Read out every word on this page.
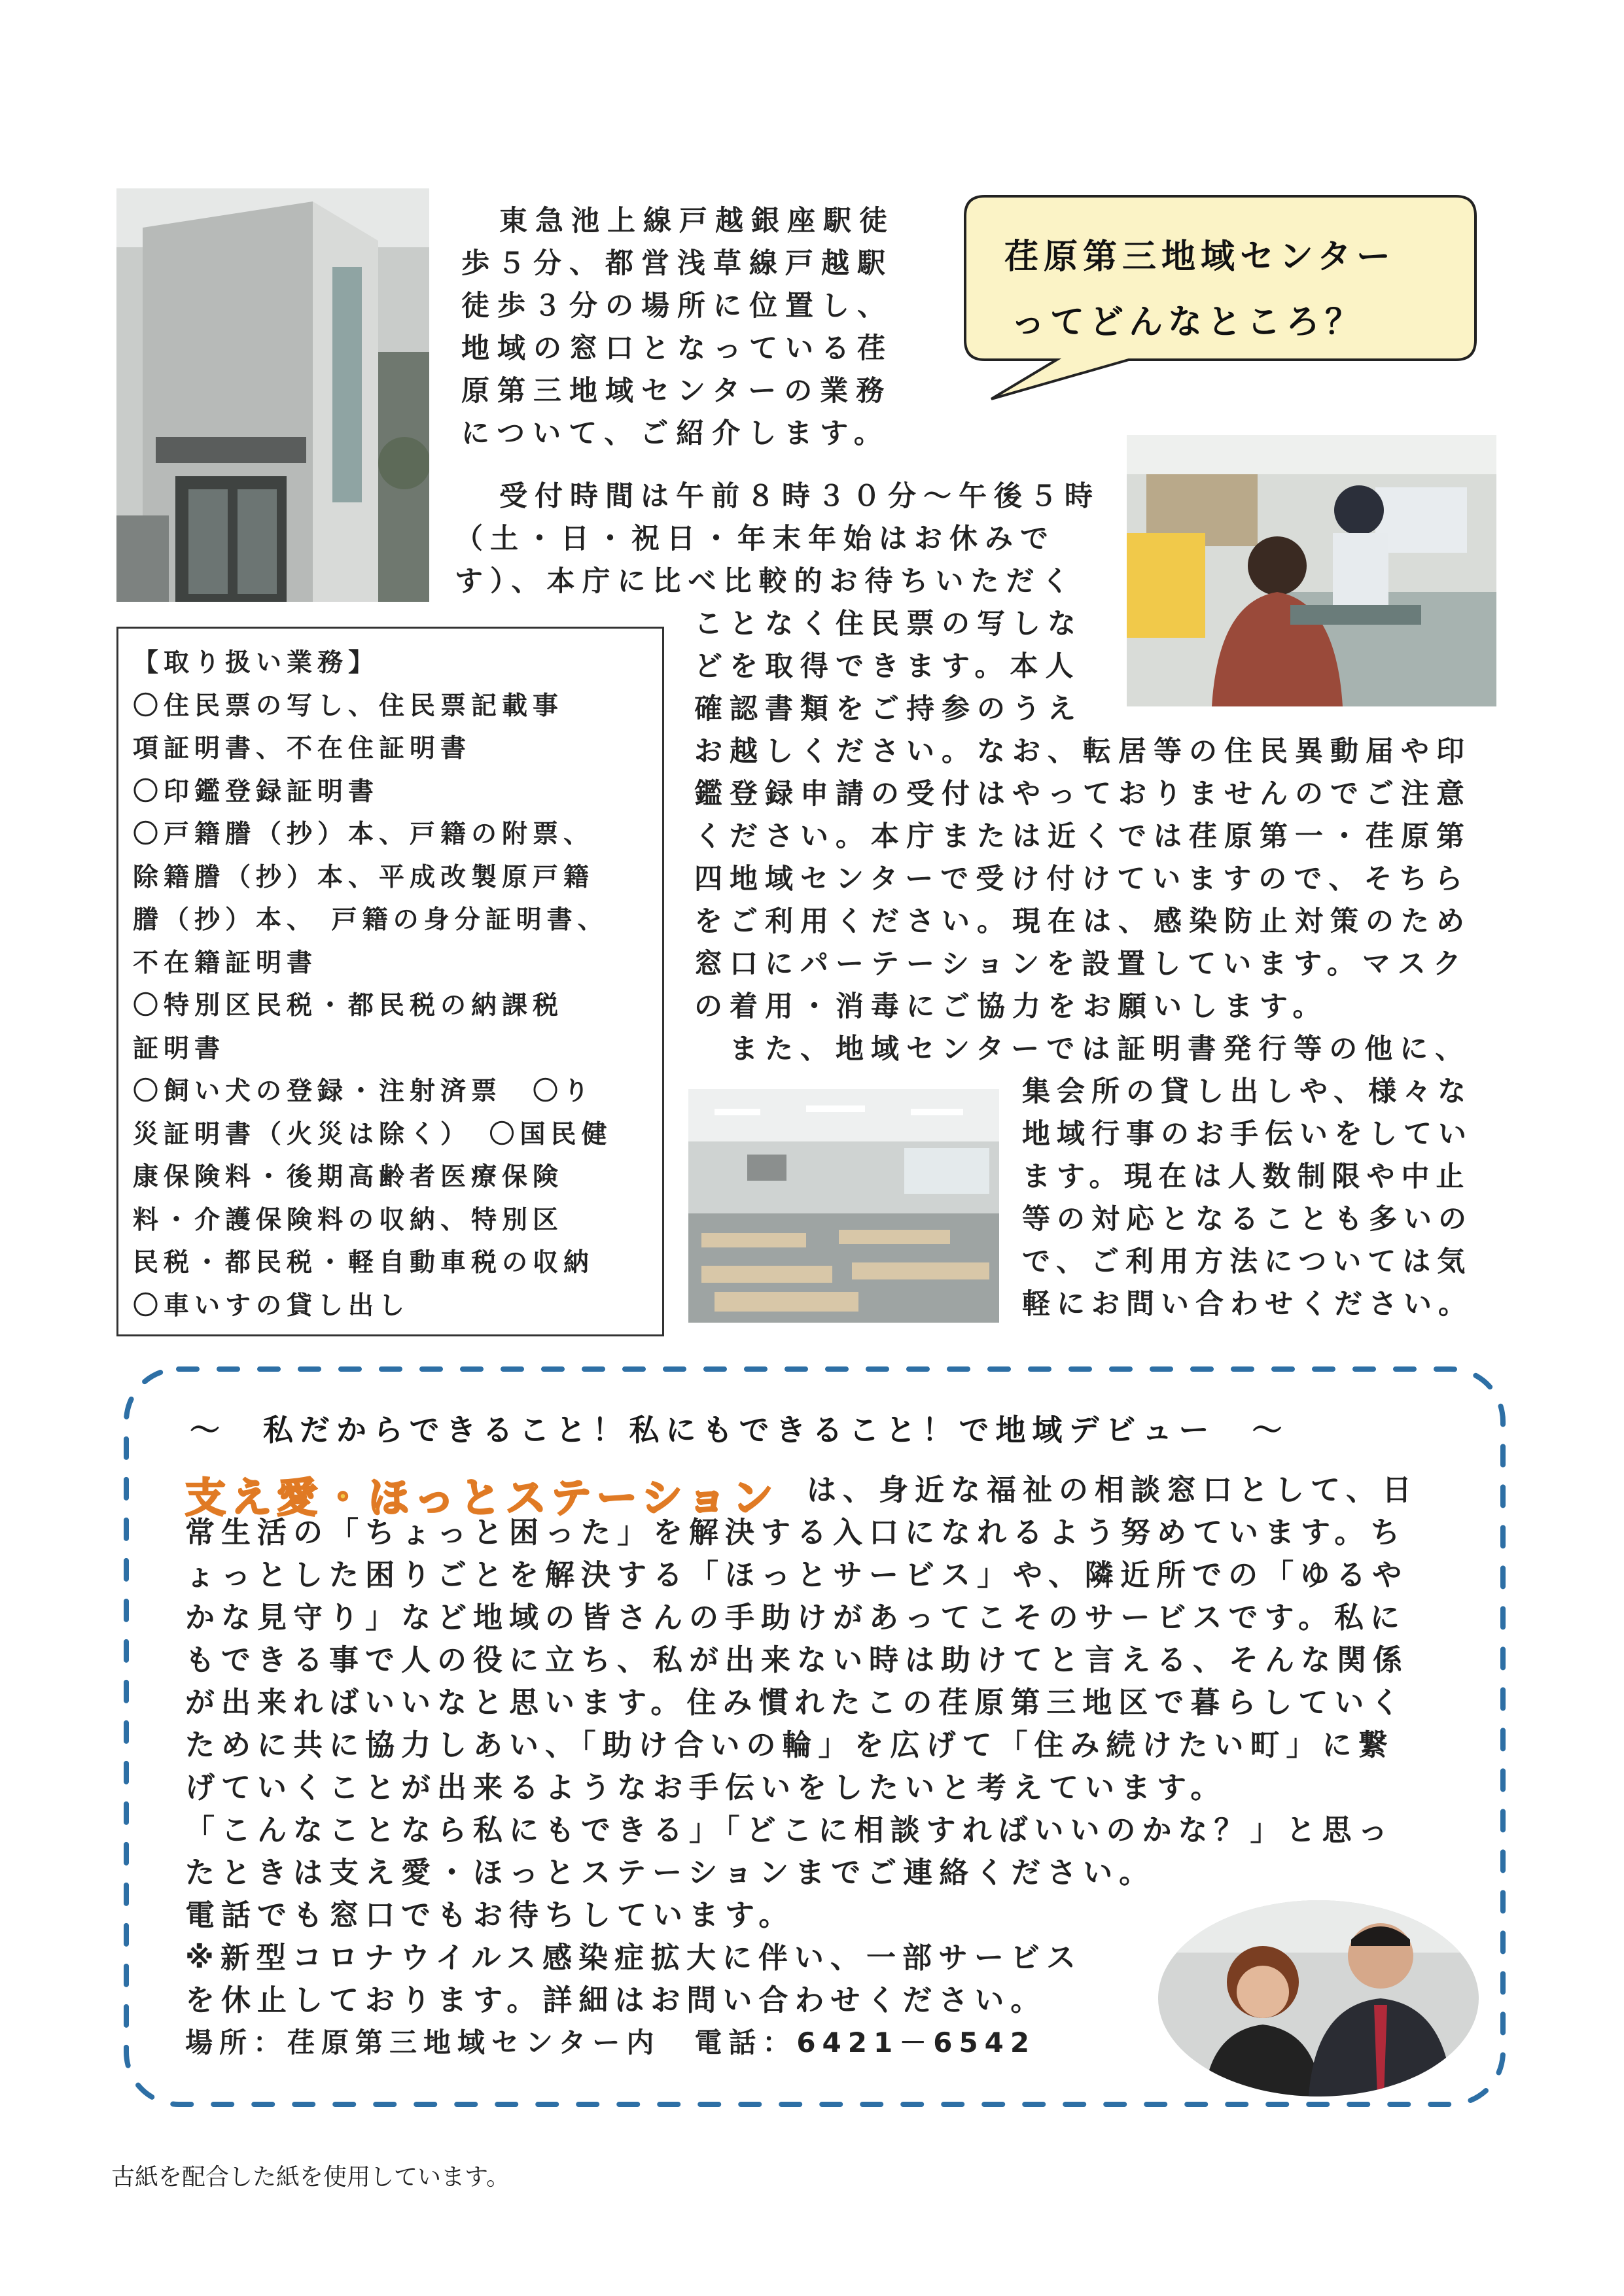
東急池上線戸越銀座駅徒
歩５分、都営浅草線戸越駅
徒歩３分の場所に位置し、
地域の窓口となっている荏
原第三地域センターの業務
について、ご紹介します。
荏原第三地域センター
ってどんなところ？
受付時間は午前８時３０分～午後５時
（土・日・祝日・年末年始はお休みで
す）、本庁に比べ比較的お待ちいただく
ことなく住民票の写しな
どを取得できます。本人
確認書類をご持参のうえ
お越しください。なお、転居等の住民異動届や印
鑑登録申請の受付はやっておりませんのでご注意
ください。本庁または近くでは荏原第一・荏原第
四地域センターで受け付けていますので、そちら
をご利用ください。現在は、感染防止対策のため
窓口にパーテーションを設置しています。マスク
の着用・消毒にご協力をお願いします。
　また、地域センターでは証明書発行等の他に、
集会所の貸し出しや、様々な
地域行事のお手伝いをしてい
ます。現在は人数制限や中止
等の対応となることも多いの
で、ご利用方法については気
軽にお問い合わせください。
【取り扱い業務】
〇住民票の写し、住民票記載事
項証明書、不在住証明書
〇印鑑登録証明書
〇戸籍謄（抄）本、戸籍の附票、
除籍謄（抄）本、平成改製原戸籍
謄（抄）本、 戸籍の身分証明書、
不在籍証明書
〇特別区民税・都民税の納課税
証明書
〇飼い犬の登録・注射済票　〇り
災証明書（火災は除く）　〇国民健
康保険料・後期高齢者医療保険
料・介護保険料の収納、特別区
民税・都民税・軽自動車税の収納
〇車いすの貸し出し
～　私だからできること！私にもできること！で地域デビュー　～
支え愛・ほっとステーション は、身近な福祉の相談窓口として、日
常生活の「ちょっと困った」を解決する入口になれるよう努めています。ち
ょっとした困りごとを解決する「ほっとサービス」や、隣近所での「ゆるや
かな見守り」など地域の皆さんの手助けがあってこそのサービスです。私に
もできる事で人の役に立ち、私が出来ない時は助けてと言える、そんな関係
が出来ればいいなと思います。住み慣れたこの荏原第三地区で暮らしていく
ために共に協力しあい、「助け合いの輪」を広げて「住み続けたい町」に繋
げていくことが出来るようなお手伝いをしたいと考えています。
「こんなことなら私にもできる」「どこに相談すればいいのかな？」と思っ
たときは支え愛・ほっとステーションまでご連絡ください。
電話でも窓口でもお待ちしています。
※新型コロナウイルス感染症拡大に伴い、一部サービス
を休止しております。詳細はお問い合わせください。
場所：荏原第三地域センター内　電話：6421－6542
古紙を配合した紙を使用しています。
